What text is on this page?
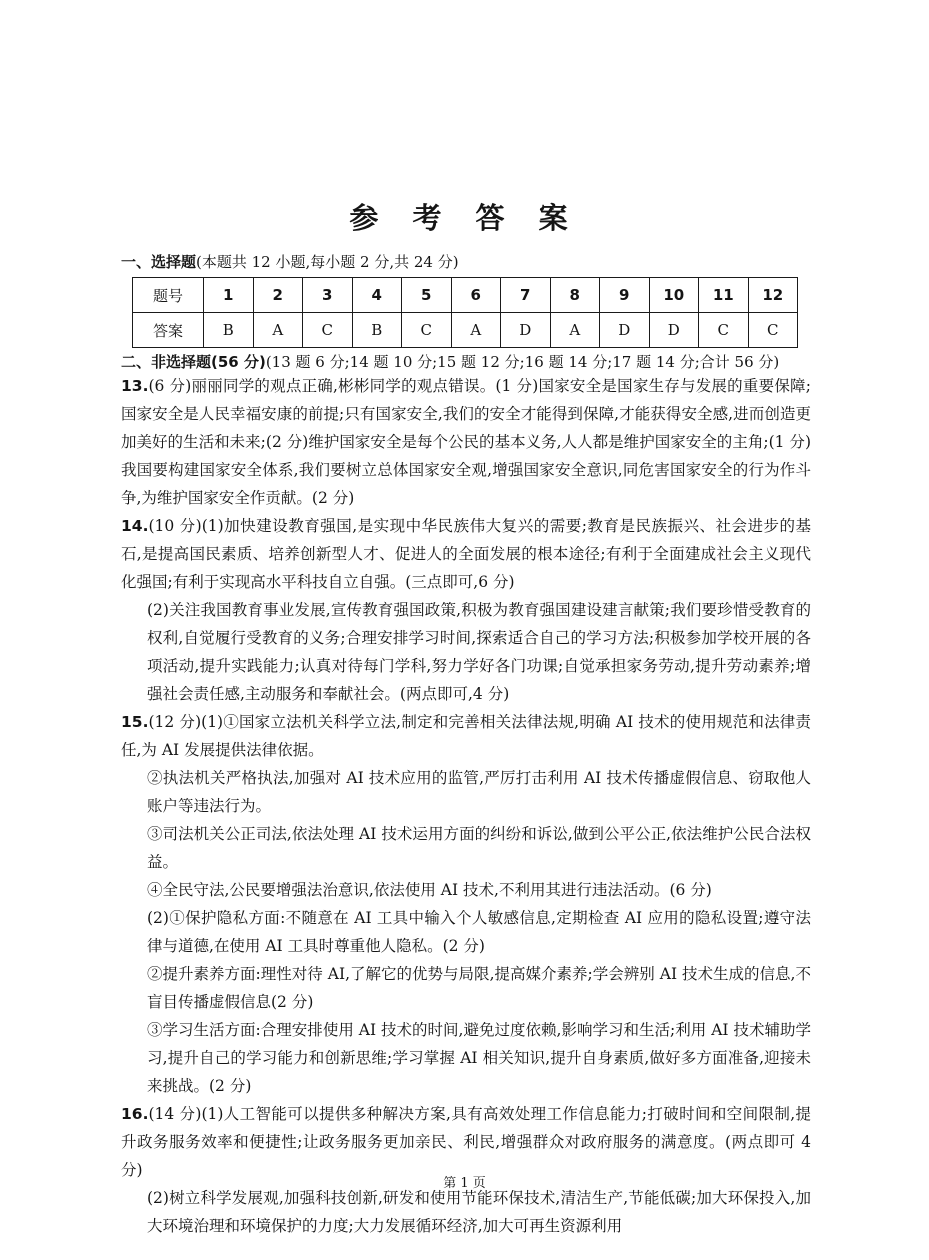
参 考 答 案
一、选择题(本题共 12 小题,每小题 2 分,共 24 分)
题号	1	2	3	4	5	6	7	8	9	10	11	12
答案	B	A	C	B	C	A	D	A	D	D	C	C
二、非选择题(56 分)(13 题 6 分;14 题 10 分;15 题 12 分;16 题 14 分;17 题 14 分;合计 56 分)

13.(6 分)丽丽同学的观点正确,彬彬同学的观点错误。(1 分)国家安全是国家生存与发展的重要保障;国家安全是人民幸福安康的前提;只有国家安全,我们的安全才能得到保障,才能获得安全感,进而创造更加美好的生活和未来;(2 分)维护国家安全是每个公民的基本义务,人人都是维护国家安全的主角;(1 分)我国要构建国家安全体系,我们要树立总体国家安全观,增强国家安全意识,同危害国家安全的行为作斗争,为维护国家安全作贡献。(2 分)

14.(10 分)(1)加快建设教育强国,是实现中华民族伟大复兴的需要;教育是民族振兴、社会进步的基石,是提高国民素质、培养创新型人才、促进人的全面发展的根本途径;有利于全面建成社会主义现代化强国;有利于实现高水平科技自立自强。(三点即可,6 分)

(2)关注我国教育事业发展,宣传教育强国政策,积极为教育强国建设建言献策;我们要珍惜受教育的权利,自觉履行受教育的义务;合理安排学习时间,探索适合自己的学习方法;积极参加学校开展的各项活动,提升实践能力;认真对待每门学科,努力学好各门功课;自觉承担家务劳动,提升劳动素养;增强社会责任感,主动服务和奉献社会。(两点即可,4 分)

15.(12 分)(1)①国家立法机关科学立法,制定和完善相关法律法规,明确 AI 技术的使用规范和法律责任,为 AI 发展提供法律依据。

②执法机关严格执法,加强对 AI 技术应用的监管,严厉打击利用 AI 技术传播虚假信息、窃取他人账户等违法行为。

③司法机关公正司法,依法处理 AI 技术运用方面的纠纷和诉讼,做到公平公正,依法维护公民合法权益。

④全民守法,公民要增强法治意识,依法使用 AI 技术,不利用其进行违法活动。(6 分)

(2)①保护隐私方面:不随意在 AI 工具中输入个人敏感信息,定期检查 AI 应用的隐私设置;遵守法律与道德,在使用 AI 工具时尊重他人隐私。(2 分)

②提升素养方面:理性对待 AI,了解它的优势与局限,提高媒介素养;学会辨别 AI 技术生成的信息,不盲目传播虚假信息(2 分)

③学习生活方面:合理安排使用 AI 技术的时间,避免过度依赖,影响学习和生活;利用 AI 技术辅助学习,提升自己的学习能力和创新思维;学习掌握 AI 相关知识,提升自身素质,做好多方面准备,迎接未来挑战。(2 分)

16.(14 分)(1)人工智能可以提供多种解决方案,具有高效处理工作信息能力;打破时间和空间限制,提升政务服务效率和便捷性;让政务服务更加亲民、利民,增强群众对政府服务的满意度。(两点即可 4 分)

(2)树立科学发展观,加强科技创新,研发和使用节能环保技术,清洁生产,节能低碳;加大环保投入,加大环境治理和环境保护的力度;大力发展循环经济,加大可再生资源利用

第 1 页
